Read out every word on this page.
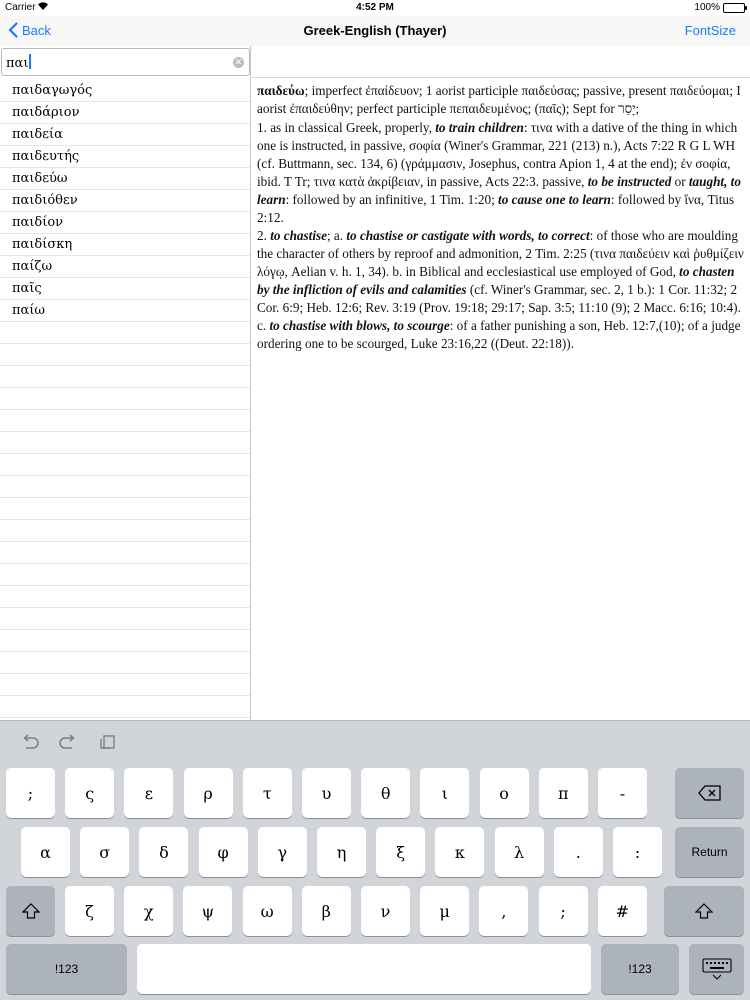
Carrier	4:52 PM	100%
Back	Greek-English (Thayer)	FontSize
παι	✕
παιδαγωγός
παιδάριον
παιδεία
παιδευτής
παιδεύω
παιδιόθεν
παιδίον
παιδίσκη
παίζω
παῖς
παίω

παιδεύω; imperfect ἐπαίδευον; 1 aorist participle παιδεύσας; passive, present παιδεύομαι; I aorist ἐπαιδεύθην; perfect participle πεπαιδευμένος; (παῖς); Sept for יָסַר;

1. as in classical Greek, properly, to train children: τινα with a dative of the thing in which one is instructed, in passive, σοφία (Winer's Grammar, 221 (213) n.), Acts 7:22 R G L WH (cf. Buttmann, sec. 134, 6) (γράμμασιν, Josephus, contra Apion 1, 4 at the end); ἐν σοφία, ibid. T Tr; τινα κατὰ ἀκρίβειαν, in passive, Acts 22:3. passive, to be instructed or taught, to learn: followed by an infinitive, 1 Tim. 1:20; to cause one to learn: followed by ἵνα, Titus 2:12.

2. to chastise; a. to chastise or castigate with words, to correct: of those who are moulding the character of others by reproof and admonition, 2 Tim. 2:25 (τινα παιδεύειν καὶ ῥυθμίζειν λόγῳ, Aelian v. h. 1, 34). b. in Biblical and ecclesiastical use employed of God, to chasten by the infliction of evils and calamities (cf. Winer's Grammar, sec. 2, 1 b.): 1 Cor. 11:32; 2 Cor. 6:9; Heb. 12:6; Rev. 3:19 (Prov. 19:18; 29:17; Sap. 3:5; 11:10 (9); 2 Macc. 6:16; 10:4). c. to chastise with blows, to scourge: of a father punishing a son, Heb. 12:7,(10); of a judge ordering one to be scourged, Luke 23:16,22 ((Deut. 22:18)).

;	ς	ε	ρ	τ	υ	θ	ι	ο	π	-
α	σ	δ	φ	γ	η	ξ	κ	λ	.	:	Return
ζ	χ	ψ	ω	β	ν	μ	,	;	#
!123	!123
